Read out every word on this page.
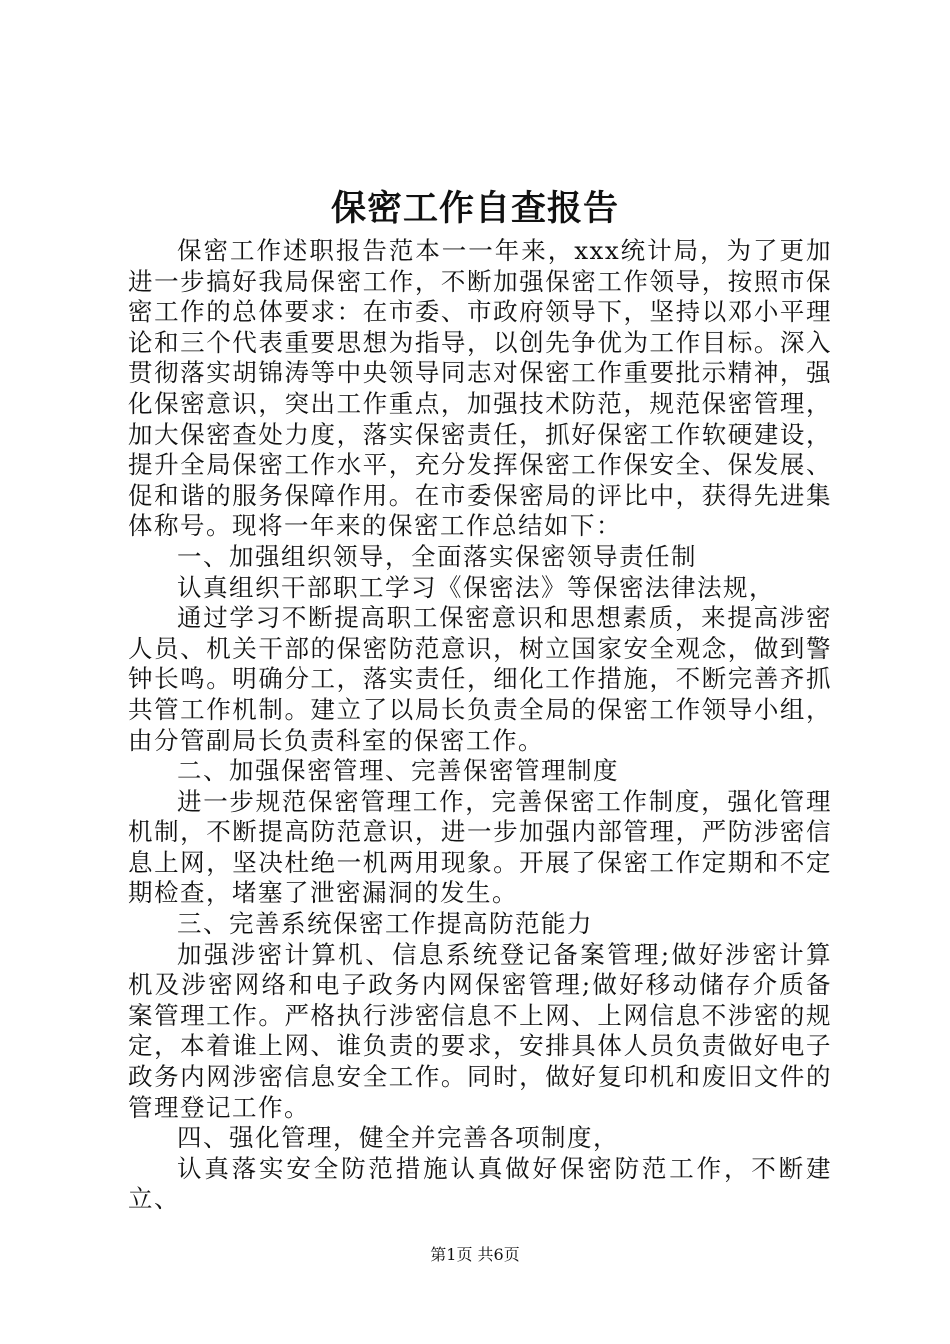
保密工作自查报告

保密工作述职报告范本一一年来，xxx统计局，为了更加进一步搞好我局保密工作，不断加强保密工作领导，按照市保密工作的总体要求：在市委、市政府领导下，坚持以邓小平理论和三个代表重要思想为指导，以创先争优为工作目标。深入贯彻落实胡锦涛等中央领导同志对保密工作重要批示精神，强化保密意识，突出工作重点，加强技术防范，规范保密管理，加大保密查处力度，落实保密责任，抓好保密工作软硬建设，提升全局保密工作水平，充分发挥保密工作保安全、保发展、促和谐的服务保障作用。在市委保密局的评比中，获得先进集体称号。现将一年来的保密工作总结如下：

一、加强组织领导，全面落实保密领导责任制

认真组织干部职工学习《保密法》等保密法律法规，

通过学习不断提高职工保密意识和思想素质，来提高涉密人员、机关干部的保密防范意识，树立国家安全观念，做到警钟长鸣。明确分工，落实责任，细化工作措施，不断完善齐抓共管工作机制。建立了以局长负责全局的保密工作领导小组，由分管副局长负责科室的保密工作。

二、加强保密管理、完善保密管理制度

进一步规范保密管理工作，完善保密工作制度，强化管理机制，不断提高防范意识，进一步加强内部管理，严防涉密信息上网，坚决杜绝一机两用现象。开展了保密工作定期和不定期检查，堵塞了泄密漏洞的发生。

三、完善系统保密工作提高防范能力

加强涉密计算机、信息系统登记备案管理;做好涉密计算机及涉密网络和电子政务内网保密管理;做好移动储存介质备案管理工作。严格执行涉密信息不上网、上网信息不涉密的规定，本着谁上网、谁负责的要求，安排具体人员负责做好电子政务内网涉密信息安全工作。同时，做好复印机和废旧文件的管理登记工作。

四、强化管理，健全并完善各项制度，

认真落实安全防范措施认真做好保密防范工作，不断建立、

第1页 共6页
